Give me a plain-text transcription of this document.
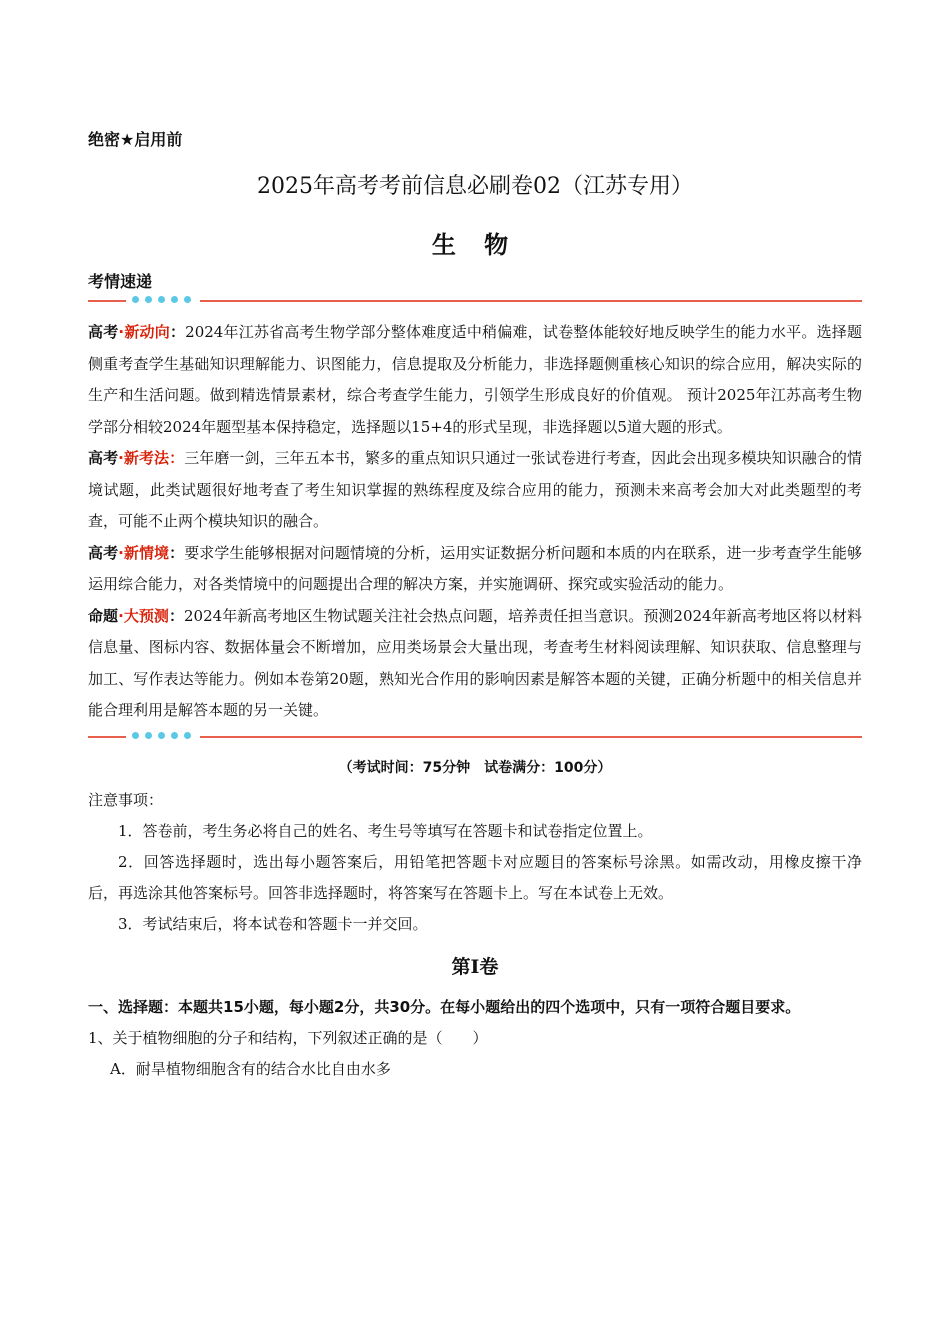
绝密★启用前
2025年高考考前信息必刷卷02（江苏专用）
生 物
考情速递

高考·新动向：2024年江苏省高考生物学部分整体难度适中稍偏难，试卷整体能较好地反映学生的能力水平。选择题侧重考查学生基础知识理解能力、识图能力，信息提取及分析能力，非选择题侧重核心知识的综合应用，解决实际的生产和生活问题。做到精选情景素材，综合考查学生能力，引领学生形成良好的价值观。 预计2025年江苏高考生物学部分相较2024年题型基本保持稳定，选择题以15+4的形式呈现，非选择题以5道大题的形式。

高考·新考法：三年磨一剑，三年五本书，繁多的重点知识只通过一张试卷进行考查，因此会出现多模块知识融合的情境试题，此类试题很好地考查了考生知识掌握的熟练程度及综合应用的能力，预测未来高考会加大对此类题型的考查，可能不止两个模块知识的融合。

高考·新情境：要求学生能够根据对问题情境的分析，运用实证数据分析问题和本质的内在联系，进一步考查学生能够运用综合能力，对各类情境中的问题提出合理的解决方案，并实施调研、探究或实验活动的能力。

命题·大预测：2024年新高考地区生物试题关注社会热点问题，培养责任担当意识。预测2024年新高考地区将以材料信息量、图标内容、数据体量会不断增加，应用类场景会大量出现，考查考生材料阅读理解、知识获取、信息整理与加工、写作表达等能力。例如本卷第20题，熟知光合作用的影响因素是解答本题的关键，正确分析题中的相关信息并能合理利用是解答本题的另一关键。

（考试时间：75分钟　试卷满分：100分）
注意事项：

1．答卷前，考生务必将自己的姓名、考生号等填写在答题卡和试卷指定位置上。

2．回答选择题时，选出每小题答案后，用铅笔把答题卡对应题目的答案标号涂黑。如需改动，用橡皮擦干净后，再选涂其他答案标号。回答非选择题时，将答案写在答题卡上。写在本试卷上无效。

3．考试结束后，将本试卷和答题卡一并交回。

第Ⅰ卷

一、选择题：本题共15小题，每小题2分，共30分。在每小题给出的四个选项中，只有一项符合题目要求。

1、关于植物细胞的分子和结构，下列叙述正确的是（　　）

A．耐旱植物细胞含有的结合水比自由水多
